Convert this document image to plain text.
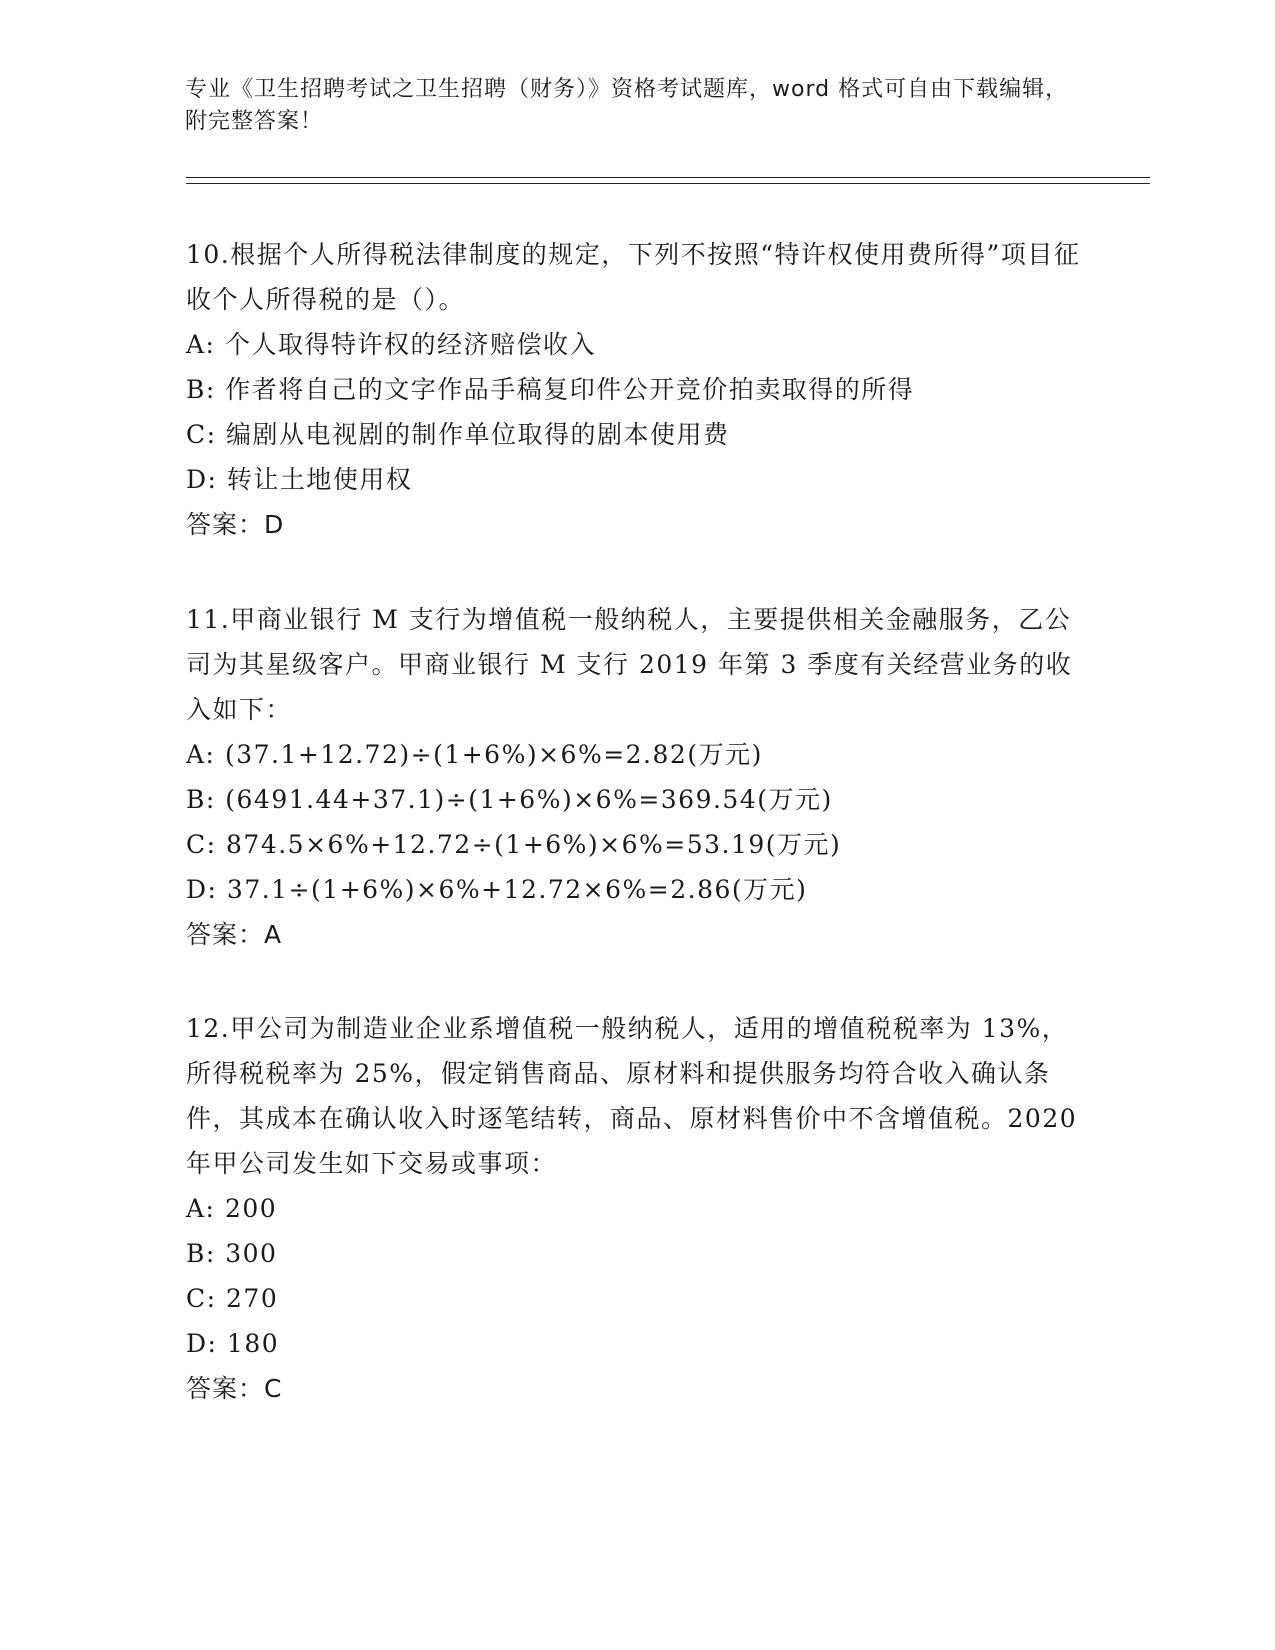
专业《卫生招聘考试之卫生招聘（财务）》资格考试题库，word 格式可自由下载编辑，附完整答案！
10.根据个人所得税法律制度的规定，下列不按照“特许权使用费所得”项目征收个人所得税的是（）。
A: 个人取得特许权的经济赔偿收入
B: 作者将自己的文字作品手稿复印件公开竞价拍卖取得的所得
C: 编剧从电视剧的制作单位取得的剧本使用费
D: 转让土地使用权
答案：D
11.甲商业银行 M 支行为增值税一般纳税人，主要提供相关金融服务，乙公司为其星级客户。甲商业银行 M 支行 2019 年第 3 季度有关经营业务的收入如下：
A: (37.1+12.72)÷(1+6%)×6%=2.82(万元)
B: (6491.44+37.1)÷(1+6%)×6%=369.54(万元)
C: 874.5×6%+12.72÷(1+6%)×6%=53.19(万元)
D: 37.1÷(1+6%)×6%+12.72×6%=2.86(万元)
答案：A
12.甲公司为制造业企业系增值税一般纳税人，适用的增值税税率为 13%，所得税税率为 25%，假定销售商品、原材料和提供服务均符合收入确认条件，其成本在确认收入时逐笔结转，商品、原材料售价中不含增值税。2020 年甲公司发生如下交易或事项：
A: 200
B: 300
C: 270
D: 180
答案：C
